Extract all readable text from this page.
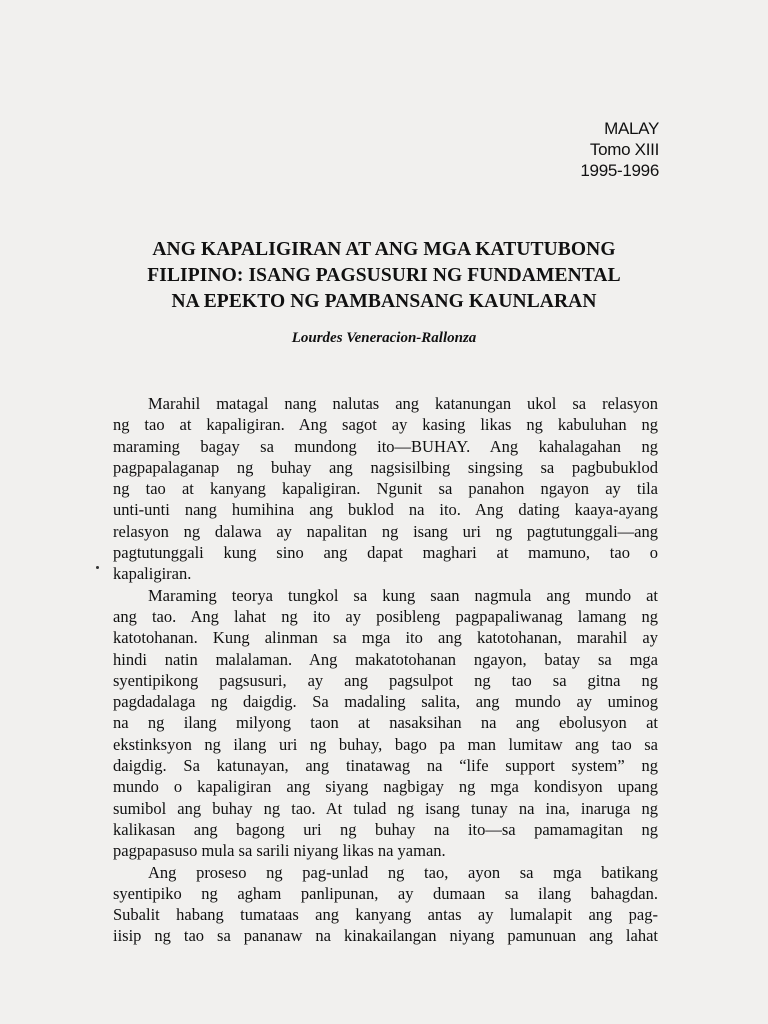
MALAY
Tomo XIII
1995-1996
ANG KAPALIGIRAN AT ANG MGA KATUTUBONG
FILIPINO: ISANG PAGSUSURI NG FUNDAMENTAL
NA EPEKTO NG PAMBANSANG KAUNLARAN
Lourdes Veneracion-Rallonza
Marahil matagal nang nalutas ang katanungan ukol sa relasyon
ng tao at kapaligiran. Ang sagot ay kasing likas ng kabuluhan ng
maraming bagay sa mundong ito—BUHAY. Ang kahalagahan ng
pagpapalaganap ng buhay ang nagsisilbing singsing sa pagbubuklod
ng tao at kanyang kapaligiran. Ngunit sa panahon ngayon ay tila
unti-unti nang humihina ang buklod na ito. Ang dating kaaya-ayang
relasyon ng dalawa ay napalitan ng isang uri ng pagtutunggali—ang
pagtutunggali kung sino ang dapat maghari at mamuno, tao o
kapaligiran.
Maraming teorya tungkol sa kung saan nagmula ang mundo at
ang tao. Ang lahat ng ito ay posibleng pagpapaliwanag lamang ng
katotohanan. Kung alinman sa mga ito ang katotohanan, marahil ay
hindi natin malalaman. Ang makatotohanan ngayon, batay sa mga
syentipikong pagsusuri, ay ang pagsulpot ng tao sa gitna ng
pagdadalaga ng daigdig. Sa madaling salita, ang mundo ay uminog
na ng ilang milyong taon at nasaksihan na ang ebolusyon at
ekstinksyon ng ilang uri ng buhay, bago pa man lumitaw ang tao sa
daigdig. Sa katunayan, ang tinatawag na “life support system” ng
mundo o kapaligiran ang siyang nagbigay ng mga kondisyon upang
sumibol ang buhay ng tao. At tulad ng isang tunay na ina, inaruga ng
kalikasan ang bagong uri ng buhay na ito—sa pamamagitan ng
pagpapasuso mula sa sarili niyang likas na yaman.
Ang proseso ng pag-unlad ng tao, ayon sa mga batikang
syentipiko ng agham panlipunan, ay dumaan sa ilang bahagdan.
Subalit habang tumataas ang kanyang antas ay lumalapit ang pag-
iisip ng tao sa pananaw na kinakailangan niyang pamunuan ang lahat
